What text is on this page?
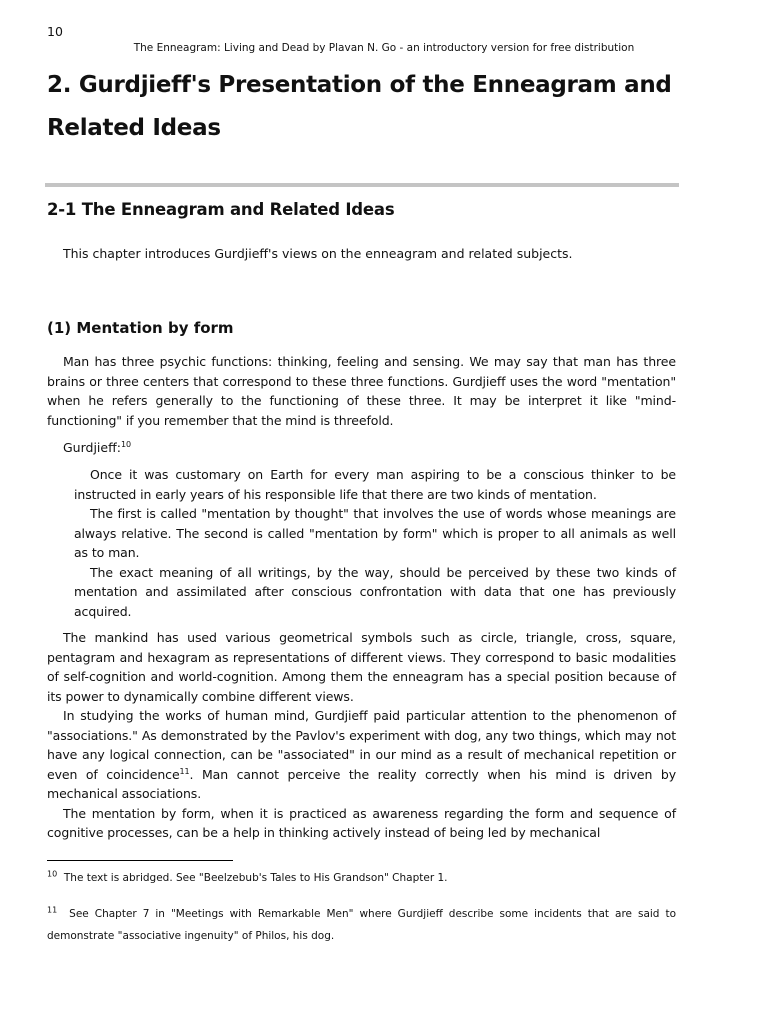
10
The Enneagram: Living and Dead by Plavan N. Go - an introductory version for free distribution
2. Gurdjieff's Presentation of the Enneagram and Related Ideas
2-1 The Enneagram and Related Ideas
This chapter introduces Gurdjieff's views on the enneagram and related subjects.
(1) Mentation by form

Man has three psychic functions: thinking, feeling and sensing. We may say that man has three brains or three centers that correspond to these three functions. Gurdjieff uses the word "mentation" when he refers generally to the functioning of these three. It may be interpret it like "mind-functioning" if you remember that the mind is threefold.

Gurdjieff:$^{10}$

Once it was customary on Earth for every man aspiring to be a conscious thinker to be instructed in early years of his responsible life that there are two kinds of mentation.

The first is called "mentation by thought" that involves the use of words whose meanings are always relative. The second is called "mentation by form" which is proper to all animals as well as to man.

The exact meaning of all writings, by the way, should be perceived by these two kinds of mentation and assimilated after conscious confrontation with data that one has previously acquired.

The mankind has used various geometrical symbols such as circle, triangle, cross, square, pentagram and hexagram as representations of different views. They correspond to basic modalities of self-cognition and world-cognition. Among them the enneagram has a special position because of its power to dynamically combine different views.

In studying the works of human mind, Gurdjieff paid particular attention to the phenomenon of "associations." As demonstrated by the Pavlov's experiment with dog, any two things, which may not have any logical connection, can be "associated" in our mind as a result of mechanical repetition or even of coincidence$^{11}$. Man cannot perceive the reality correctly when his mind is driven by mechanical associations.

The mentation by form, when it is practiced as awareness regarding the form and sequence of cognitive processes, can be a help in thinking actively instead of being led by mechanical

$^{10}$ The text is abridged. See "Beelzebub's Tales to His Grandson" Chapter 1.
$^{11}$ See Chapter 7 in "Meetings with Remarkable Men" where Gurdjieff describe some incidents that are said to demonstrate "associative ingenuity" of Philos, his dog.
